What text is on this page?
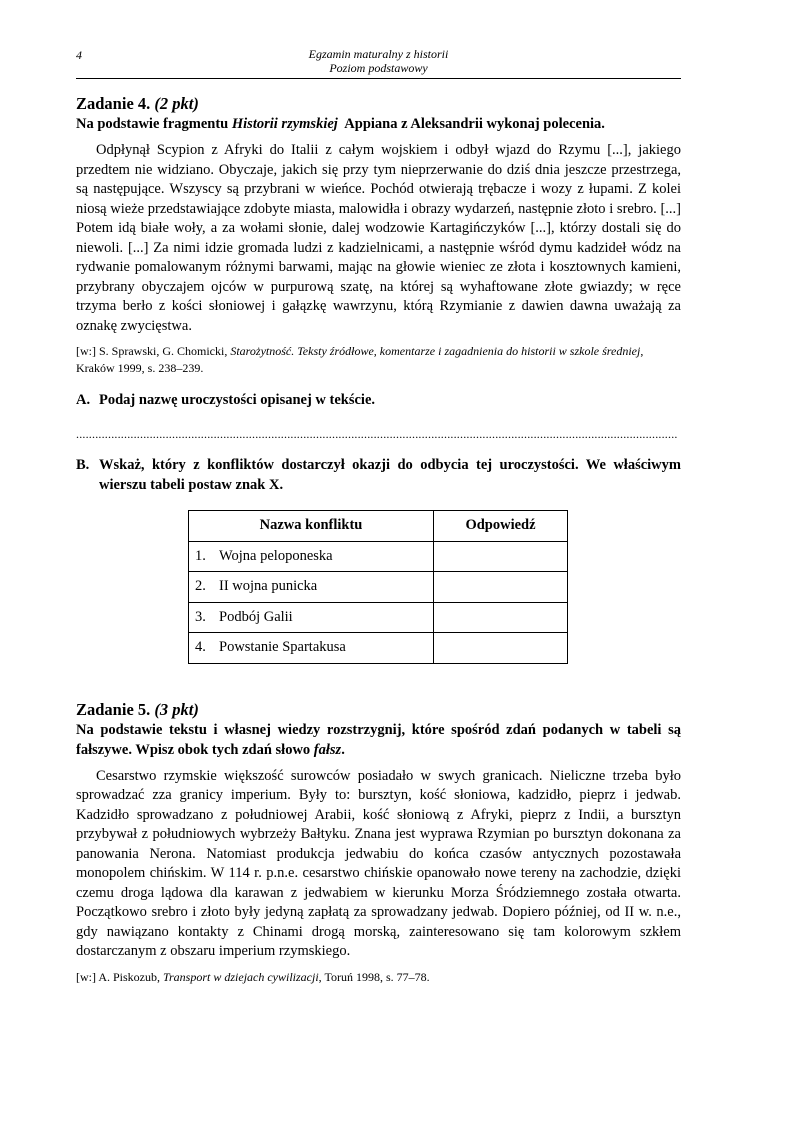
4	Egzamin maturalny z historii
Poziom podstawowy
Zadanie 4. (2 pkt)

Na podstawie fragmentu Historii rzymskiej  Appiana z Aleksandrii wykonaj polecenia.

Odpłynął Scypion z Afryki do Italii z całym wojskiem i odbył wjazd do Rzymu [...], jakiego przedtem nie widziano. Obyczaje, jakich się przy tym nieprzerwanie do dziś dnia jeszcze przestrzega, są następujące. Wszyscy są przybrani w wieńce. Pochód otwierają trębacze i wozy z łupami. Z kolei niosą wieże przedstawiające zdobyte miasta, malowidła i obrazy wydarzeń, następnie złoto i srebro. [...] Potem idą białe woły, a za wołami słonie, dalej wodzowie Kartagińczyków [...], którzy dostali się do niewoli. [...] Za nimi idzie gromada ludzi z kadzielnicami, a następnie wśród dymu kadzideł wódz na rydwanie pomalowanym różnymi barwami, mając na głowie wieniec ze złota i kosztownych kamieni, przybrany obyczajem ojców w purpurową szatę, na której są wyhaftowane złote gwiazdy; w ręce trzyma berło z kości słoniowej i gałązkę wawrzynu, którą Rzymianie z dawien dawna uważają za oznakę zwycięstwa.

[w:] S. Sprawski, G. Chomicki, Starożytność. Teksty źródłowe, komentarze i zagadnienia do historii w szkole średniej, Kraków 1999, s. 238–239.

A. Podaj nazwę uroczystości opisanej w tekście.
............................................................................................................................................................................................
B. Wskaż, który z konfliktów dostarczył okazji do odbycia tej uroczystości. We właściwym wierszu tabeli postaw znak X.
Nazwa konfliktu	Odpowiedź
1. Wojna peloponeska	
2. II wojna punicka	
3. Podbój Galii	
4. Powstanie Spartakusa	
Zadanie 5. (3 pkt)

Na podstawie tekstu i własnej wiedzy rozstrzygnij, które spośród zdań podanych w tabeli są fałszywe. Wpisz obok tych zdań słowo fałsz.

Cesarstwo rzymskie większość surowców posiadało w swych granicach. Nieliczne trzeba było sprowadzać zza granicy imperium. Były to: bursztyn, kość słoniowa, kadzidło, pieprz i jedwab. Kadzidło sprowadzano z południowej Arabii, kość słoniową z Afryki, pieprz z Indii, a bursztyn przybywał z południowych wybrzeży Bałtyku. Znana jest wyprawa Rzymian po bursztyn dokonana za panowania Nerona. Natomiast produkcja jedwabiu do końca czasów antycznych pozostawała monopolem chińskim. W 114 r. p.n.e. cesarstwo chińskie opanowało nowe tereny na zachodzie, dzięki czemu droga lądowa dla karawan z jedwabiem w kierunku Morza Śródziemnego została otwarta. Początkowo srebro i złoto były jedyną zapłatą za sprowadzany jedwab. Dopiero później, od II w. n.e., gdy nawiązano kontakty z Chinami drogą morską, zainteresowano się tam kolorowym szkłem dostarczanym z obszaru imperium rzymskiego.

[w:] A. Piskozub, Transport w dziejach cywilizacji, Toruń 1998, s. 77–78.
